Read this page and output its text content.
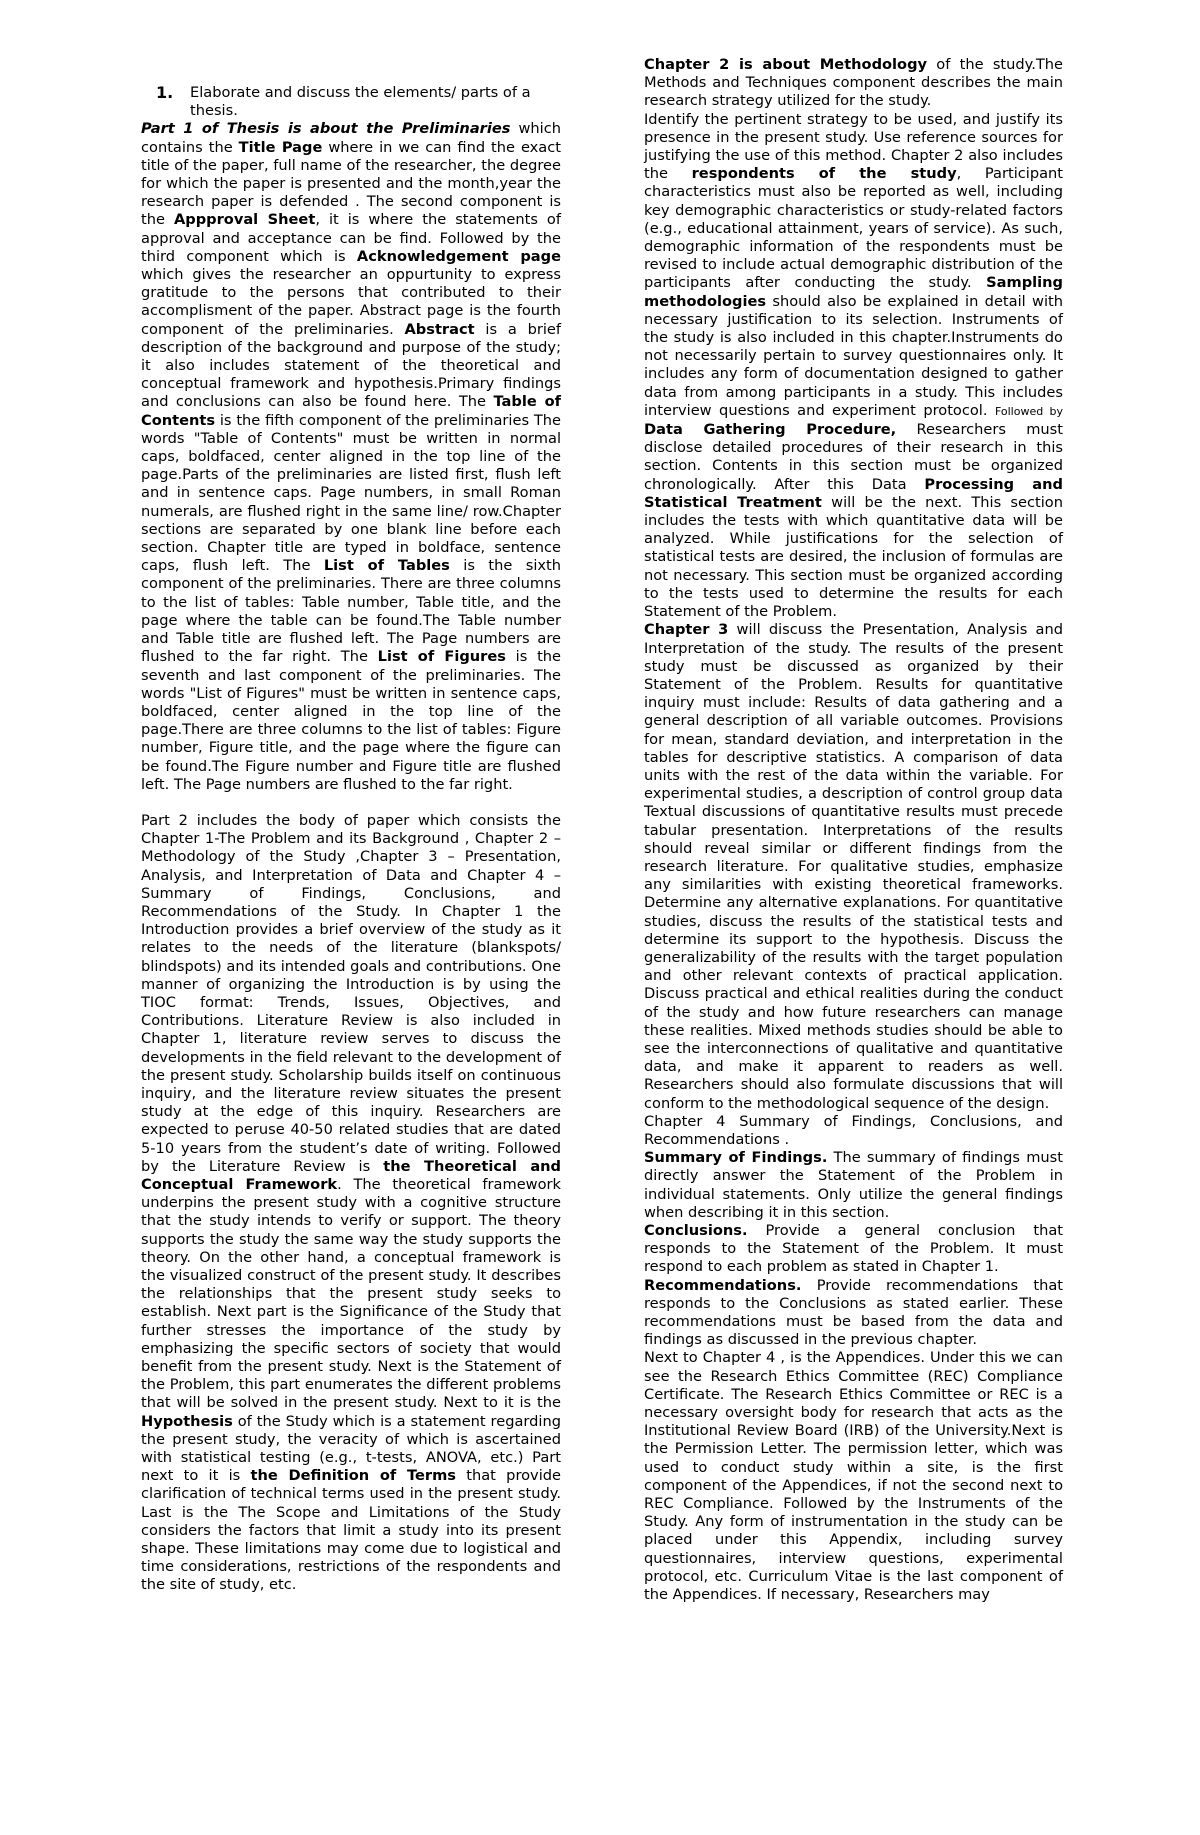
1.	Elaborate and discuss the elements/ parts of a thesis.

Part 1 of Thesis is about the Preliminaries which contains the Title Page where in we can find the exact title of the paper, full name of the researcher, the degree for which the paper is presented and the month,year the research paper is defended . The second component is the Appproval Sheet, it is where the statements of approval and acceptance can be find. Followed by the third component which is Acknowledgement page which gives the researcher an oppurtunity to express gratitude to the persons that contributed to their accomplisment of the paper. Abstract page is the fourth component of the preliminaries. Abstract is a brief description of the background and purpose of the study; it also includes statement of the theoretical and conceptual framework and hypothesis.Primary findings and conclusions can also be found here. The Table of Contents is the fifth component of the preliminaries The words "Table of Contents" must be written in normal caps, boldfaced, center aligned in the top line of the page.Parts of the preliminaries are listed first, flush left and in sentence caps. Page numbers, in small Roman numerals, are flushed right in the same line/ row.Chapter sections are separated by one blank line before each section. Chapter title are typed in boldface, sentence caps, flush left. The List of Tables is the sixth component of the preliminaries. There are three columns to the list of tables: Table number, Table title, and the page where the table can be found.The Table number and Table title are flushed left. The Page numbers are flushed to the far right. The List of Figures is the seventh and last component of the preliminaries. The words "List of Figures" must be written in sentence caps, boldfaced, center aligned in the top line of the page.There are three columns to the list of tables: Figure number, Figure title, and the page where the figure can be found.The Figure number and Figure title are flushed left. The Page numbers are flushed to the far right.

Part 2 includes the body of paper which consists the Chapter 1-The Problem and its Background , Chapter 2 – Methodology of the Study ,Chapter 3 – Presentation, Analysis, and Interpretation of Data and Chapter 4 – Summary of Findings, Conclusions, and Recommendations of the Study. In Chapter 1 the Introduction provides a brief overview of the study as it relates to the needs of the literature (blankspots/ blindspots) and its intended goals and contributions. One manner of organizing the Introduction is by using the TIOC format: Trends, Issues, Objectives, and Contributions. Literature Review is also included in Chapter 1, literature review serves to discuss the developments in the field relevant to the development of the present study. Scholarship builds itself on continuous inquiry, and the literature review situates the present study at the edge of this inquiry. Researchers are expected to peruse 40-50 related studies that are dated 5-10 years from the student’s date of writing. Followed by the Literature Review is the Theoretical and Conceptual Framework. The theoretical framework underpins the present study with a cognitive structure that the study intends to verify or support. The theory supports the study the same way the study supports the theory. On the other hand, a conceptual framework is the visualized construct of the present study. It describes the relationships that the present study seeks to establish. Next part is the Significance of the Study that further stresses the importance of the study by emphasizing the specific sectors of society that would benefit from the present study. Next is the Statement of the Problem, this part enumerates the different problems that will be solved in the present study. Next to it is the Hypothesis of the Study which is a statement regarding the present study, the veracity of which is ascertained with statistical testing (e.g., t-tests, ANOVA, etc.) Part next to it is the Definition of Terms that provide clarification of technical terms used in the present study. Last is the The Scope and Limitations of the Study considers the factors that limit a study into its present shape. These limitations may come due to logistical and time considerations, restrictions of the respondents and the site of study, etc.

Chapter 2 is about Methodology of the study.The Methods and Techniques component describes the main research strategy utilized for the study.

Identify the pertinent strategy to be used, and justify its presence in the present study. Use reference sources for justifying the use of this method. Chapter 2 also includes the respondents of the study, Participant characteristics must also be reported as well, including key demographic characteristics or study-related factors (e.g., educational attainment, years of service). As such, demographic information of the respondents must be revised to include actual demographic distribution of the participants after conducting the study. Sampling methodologies should also be explained in detail with necessary justification to its selection. Instruments of the study is also included in this chapter.Instruments do not necessarily pertain to survey questionnaires only. It includes any form of documentation designed to gather data from among participants in a study. This includes interview questions and experiment protocol. Followed by Data Gathering Procedure, Researchers must disclose detailed procedures of their research in this section. Contents in this section must be organized chronologically. After this Data Processing and Statistical Treatment will be the next. This section includes the tests with which quantitative data will be analyzed. While justifications for the selection of statistical tests are desired, the inclusion of formulas are not necessary. This section must be organized according to the tests used to determine the results for each Statement of the Problem.

Chapter 3 will discuss the Presentation, Analysis and Interpretation of the study. The results of the present study must be discussed as organized by their Statement of the Problem. Results for quantitative inquiry must include: Results of data gathering and a general description of all variable outcomes. Provisions for mean, standard deviation, and interpretation in the tables for descriptive statistics. A comparison of data units with the rest of the data within the variable. For experimental studies, a description of control group data Textual discussions of quantitative results must precede tabular presentation. Interpretations of the results should reveal similar or different findings from the research literature. For qualitative studies, emphasize any similarities with existing theoretical frameworks. Determine any alternative explanations. For quantitative studies, discuss the results of the statistical tests and determine its support to the hypothesis. Discuss the generalizability of the results with the target population and other relevant contexts of practical application. Discuss practical and ethical realities during the conduct of the study and how future researchers can manage these realities. Mixed methods studies should be able to see the interconnections of qualitative and quantitative data, and make it apparent to readers as well. Researchers should also formulate discussions that will conform to the methodological sequence of the design.

Chapter 4 Summary of Findings, Conclusions, and Recommendations .

Summary of Findings. The summary of findings must directly answer the Statement of the Problem in individual statements. Only utilize the general findings when describing it in this section.

Conclusions. Provide a general conclusion that responds to the Statement of the Problem. It must respond to each problem as stated in Chapter 1.

Recommendations. Provide recommendations that responds to the Conclusions as stated earlier. These recommendations must be based from the data and findings as discussed in the previous chapter.

Next to Chapter 4 , is the Appendices. Under this we can see the Research Ethics Committee (REC) Compliance Certificate. The Research Ethics Committee or REC is a necessary oversight body for research that acts as the Institutional Review Board (IRB) of the University.Next is the Permission Letter. The permission letter, which was used to conduct study within a site, is the first component of the Appendices, if not the second next to REC Compliance. Followed by the Instruments of the Study. Any form of instrumentation in the study can be placed under this Appendix, including survey questionnaires, interview questions, experimental protocol, etc. Curriculum Vitae is the last component of the Appendices. If necessary, Researchers may
